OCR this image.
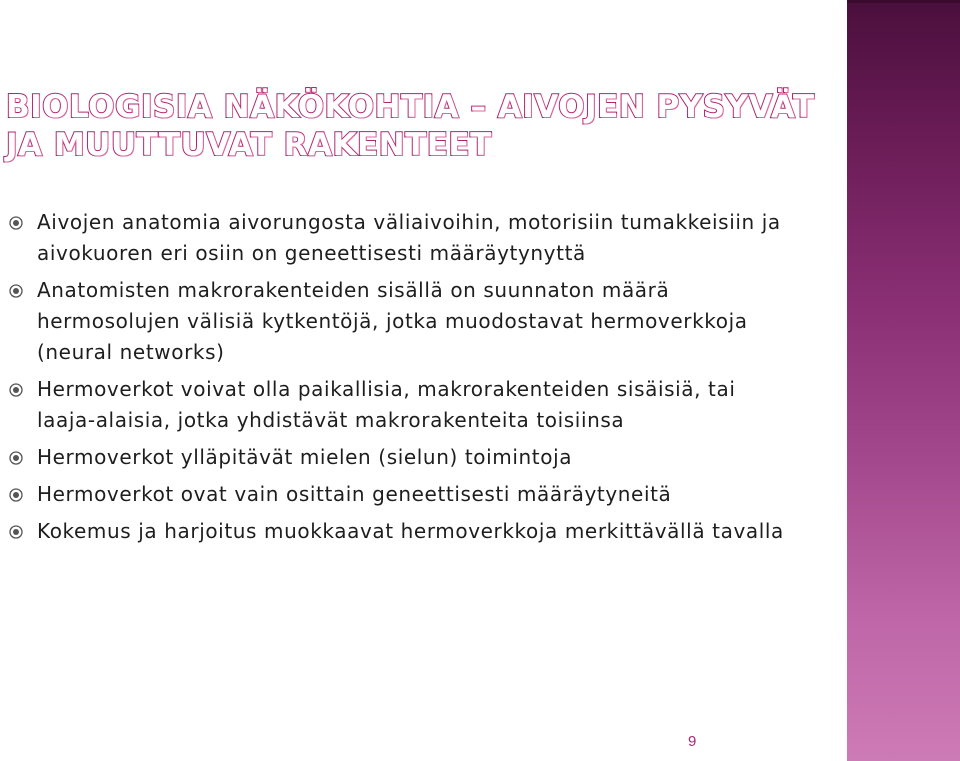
BIOLOGISIA NÄKÖKOHTIA – AIVOJEN PYSYVÄT JA MUUTTUVAT RAKENTEET
Aivojen anatomia aivorungosta väliaivoihin, motorisiin tumakkeisiin ja aivokuoren eri osiin on geneettisesti määräytynyttä
Anatomisten makrorakenteiden sisällä on suunnaton määrä hermosolujen välisiä kytkentöjä, jotka muodostavat hermoverkkoja (neural networks)
Hermoverkot voivat olla paikallisia, makrorakenteiden sisäisiä, tai laaja-alaisia, jotka yhdistävät makrorakenteita toisiinsa
Hermoverkot ylläpitävät mielen (sielun) toimintoja
Hermoverkot ovat vain osittain geneettisesti määräytyneitä
Kokemus ja harjoitus muokkaavat hermoverkkoja merkittävällä tavalla
9
